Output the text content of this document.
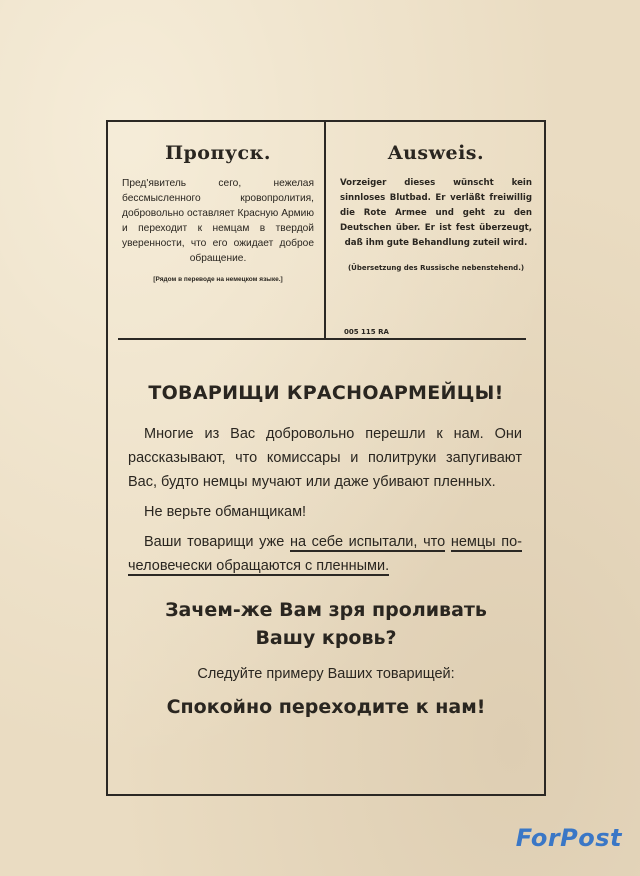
Пропуск.

Пред'явитель сего, нежелая бессмысленного кровопролития, добровольно оставляет Красную Армию и переходит к немцам в твердой уверенности, что его ожидает доброе обращение.

[Рядом в переводе на немецком языке.]
Ausweis.

Vorzeiger dieses wünscht kein sinnloses Blutbad. Er verläßt freiwillig die Rote Armee und geht zu den Deutschen über. Er ist fest überzeugt, daß ihm gute Behandlung zuteil wird.

(Übersetzung des Russische nebenstehend.)
005 115 RA
ТОВАРИЩИ КРАСНОАРМЕЙЦЫ!

Многие из Вас добровольно перешли к нам. Они рассказывают, что комиссары и политруки запугивают Вас, будто немцы мучают или даже убивают пленных.

Не верьте обманщикам!

Ваши товарищи уже на себе испытали, что немцы по-человечески обращаются с пленными.

Зачем-же Вам зря проливать
Вашу кровь?

Следуйте примеру Ваших товарищей:

Спокойно переходите к нам!

ForPost
